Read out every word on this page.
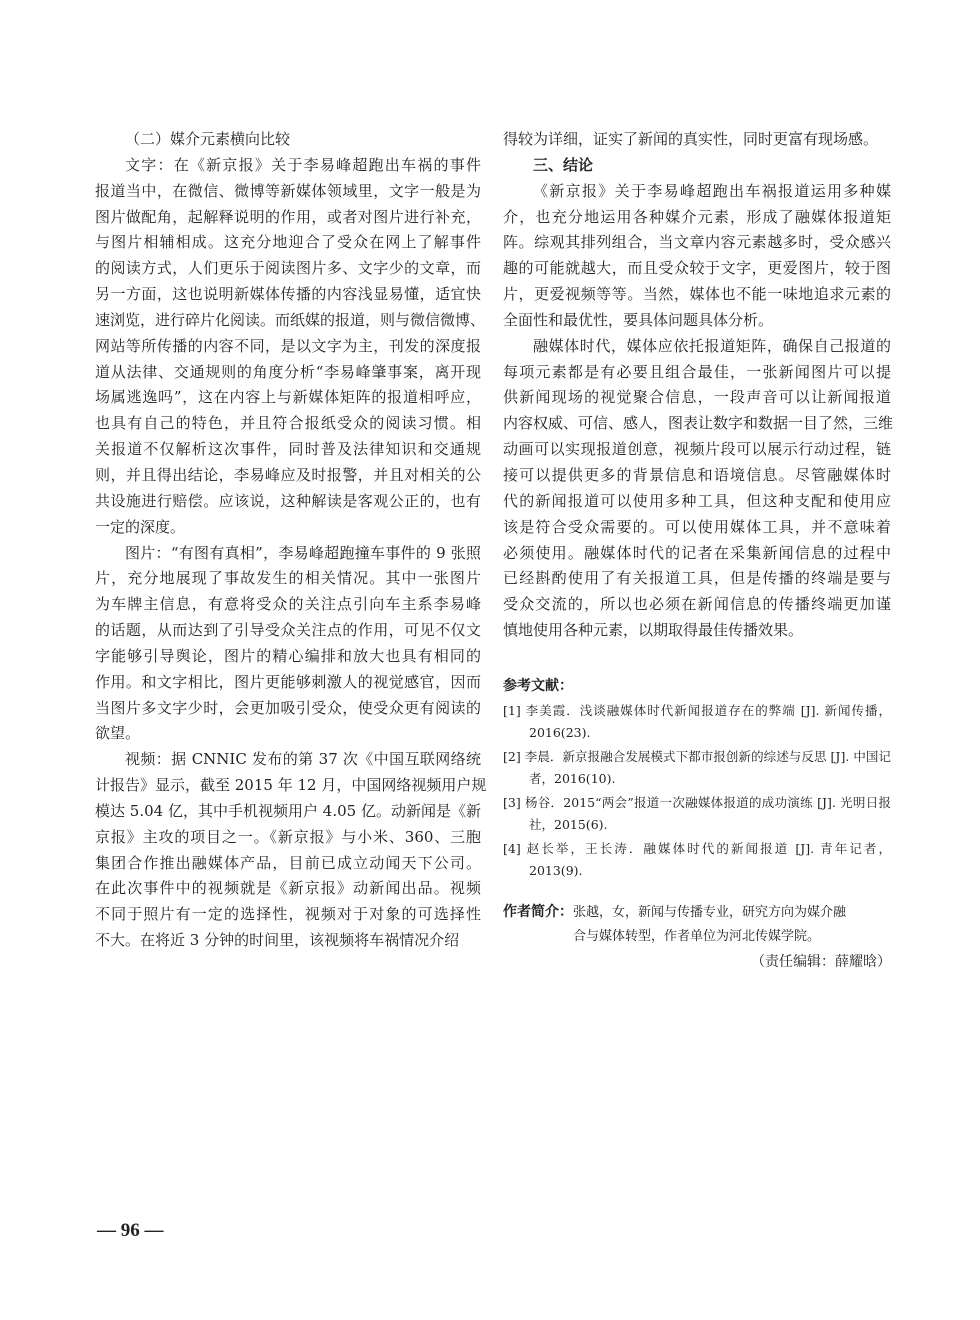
（二）媒介元素横向比较
文字：在《新京报》关于李易峰超跑出车祸的事件
报道当中，在微信、微博等新媒体领域里，文字一般是为
图片做配角，起解释说明的作用，或者对图片进行补充，
与图片相辅相成。这充分地迎合了受众在网上了解事件
的阅读方式，人们更乐于阅读图片多、文字少的文章，而
另一方面，这也说明新媒体传播的内容浅显易懂，适宜快
速浏览，进行碎片化阅读。而纸媒的报道，则与微信微博、
网站等所传播的内容不同，是以文字为主，刊发的深度报
道从法律、交通规则的角度分析“李易峰肇事案，离开现
场属逃逸吗”，这在内容上与新媒体矩阵的报道相呼应，
也具有自己的特色，并且符合报纸受众的阅读习惯。相
关报道不仅解析这次事件，同时普及法律知识和交通规
则，并且得出结论，李易峰应及时报警，并且对相关的公
共设施进行赔偿。应该说，这种解读是客观公正的，也有
一定的深度。
图片：“有图有真相”，李易峰超跑撞车事件的 9 张照
片，充分地展现了事故发生的相关情况。其中一张图片
为车牌主信息，有意将受众的关注点引向车主系李易峰
的话题，从而达到了引导受众关注点的作用，可见不仅文
字能够引导舆论，图片的精心编排和放大也具有相同的
作用。和文字相比，图片更能够刺激人的视觉感官，因而
当图片多文字少时，会更加吸引受众，使受众更有阅读的
欲望。
视频：据 CNNIC 发布的第 37 次《中国互联网络统
计报告》显示，截至 2015 年 12 月，中国网络视频用户规
模达 5.04 亿，其中手机视频用户 4.05 亿。动新闻是《新
京报》主攻的项目之一。《新京报》与小米、360、三胞
集团合作推出融媒体产品，目前已成立动闻天下公司。
在此次事件中的视频就是《新京报》动新闻出品。视频
不同于照片有一定的选择性，视频对于对象的可选择性
不大。在将近 3 分钟的时间里，该视频将车祸情况介绍
得较为详细，证实了新闻的真实性，同时更富有现场感。
三、结论
《新京报》关于李易峰超跑出车祸报道运用多种媒
介，也充分地运用各种媒介元素，形成了融媒体报道矩
阵。综观其排列组合，当文章内容元素越多时，受众感兴
趣的可能就越大，而且受众较于文字，更爱图片，较于图
片，更爱视频等等。当然，媒体也不能一味地追求元素的
全面性和最优性，要具体问题具体分析。
融媒体时代，媒体应依托报道矩阵，确保自己报道的
每项元素都是有必要且组合最佳，一张新闻图片可以提
供新闻现场的视觉聚合信息，一段声音可以让新闻报道
内容权威、可信、感人，图表让数字和数据一目了然，三维
动画可以实现报道创意，视频片段可以展示行动过程，链
接可以提供更多的背景信息和语境信息。尽管融媒体时
代的新闻报道可以使用多种工具，但这种支配和使用应
该是符合受众需要的。可以使用媒体工具，并不意味着
必须使用。融媒体时代的记者在采集新闻信息的过程中
已经斟酌使用了有关报道工具，但是传播的终端是要与
受众交流的，所以也必须在新闻信息的传播终端更加谨
慎地使用各种元素，以期取得最佳传播效果。
参考文献：
[1] 李美霞．浅谈融媒体时代新闻报道存在的弊端 [J]. 新闻传播，2016(23).
[2] 李晨．新京报融合发展模式下都市报创新的综述与反思 [J]. 中国记者，2016(10).
[3] 杨谷．2015“两会”报道一次融媒体报道的成功演练 [J]. 光明日报社，2015(6).
[4] 赵长举，王长涛．融媒体时代的新闻报道 [J]. 青年记者，2013(9).
作者简介：张越，女，新闻与传播专业，研究方向为媒介融
合与媒体转型，作者单位为河北传媒学院。
（责任编辑：薛耀晗）
— 96 —
